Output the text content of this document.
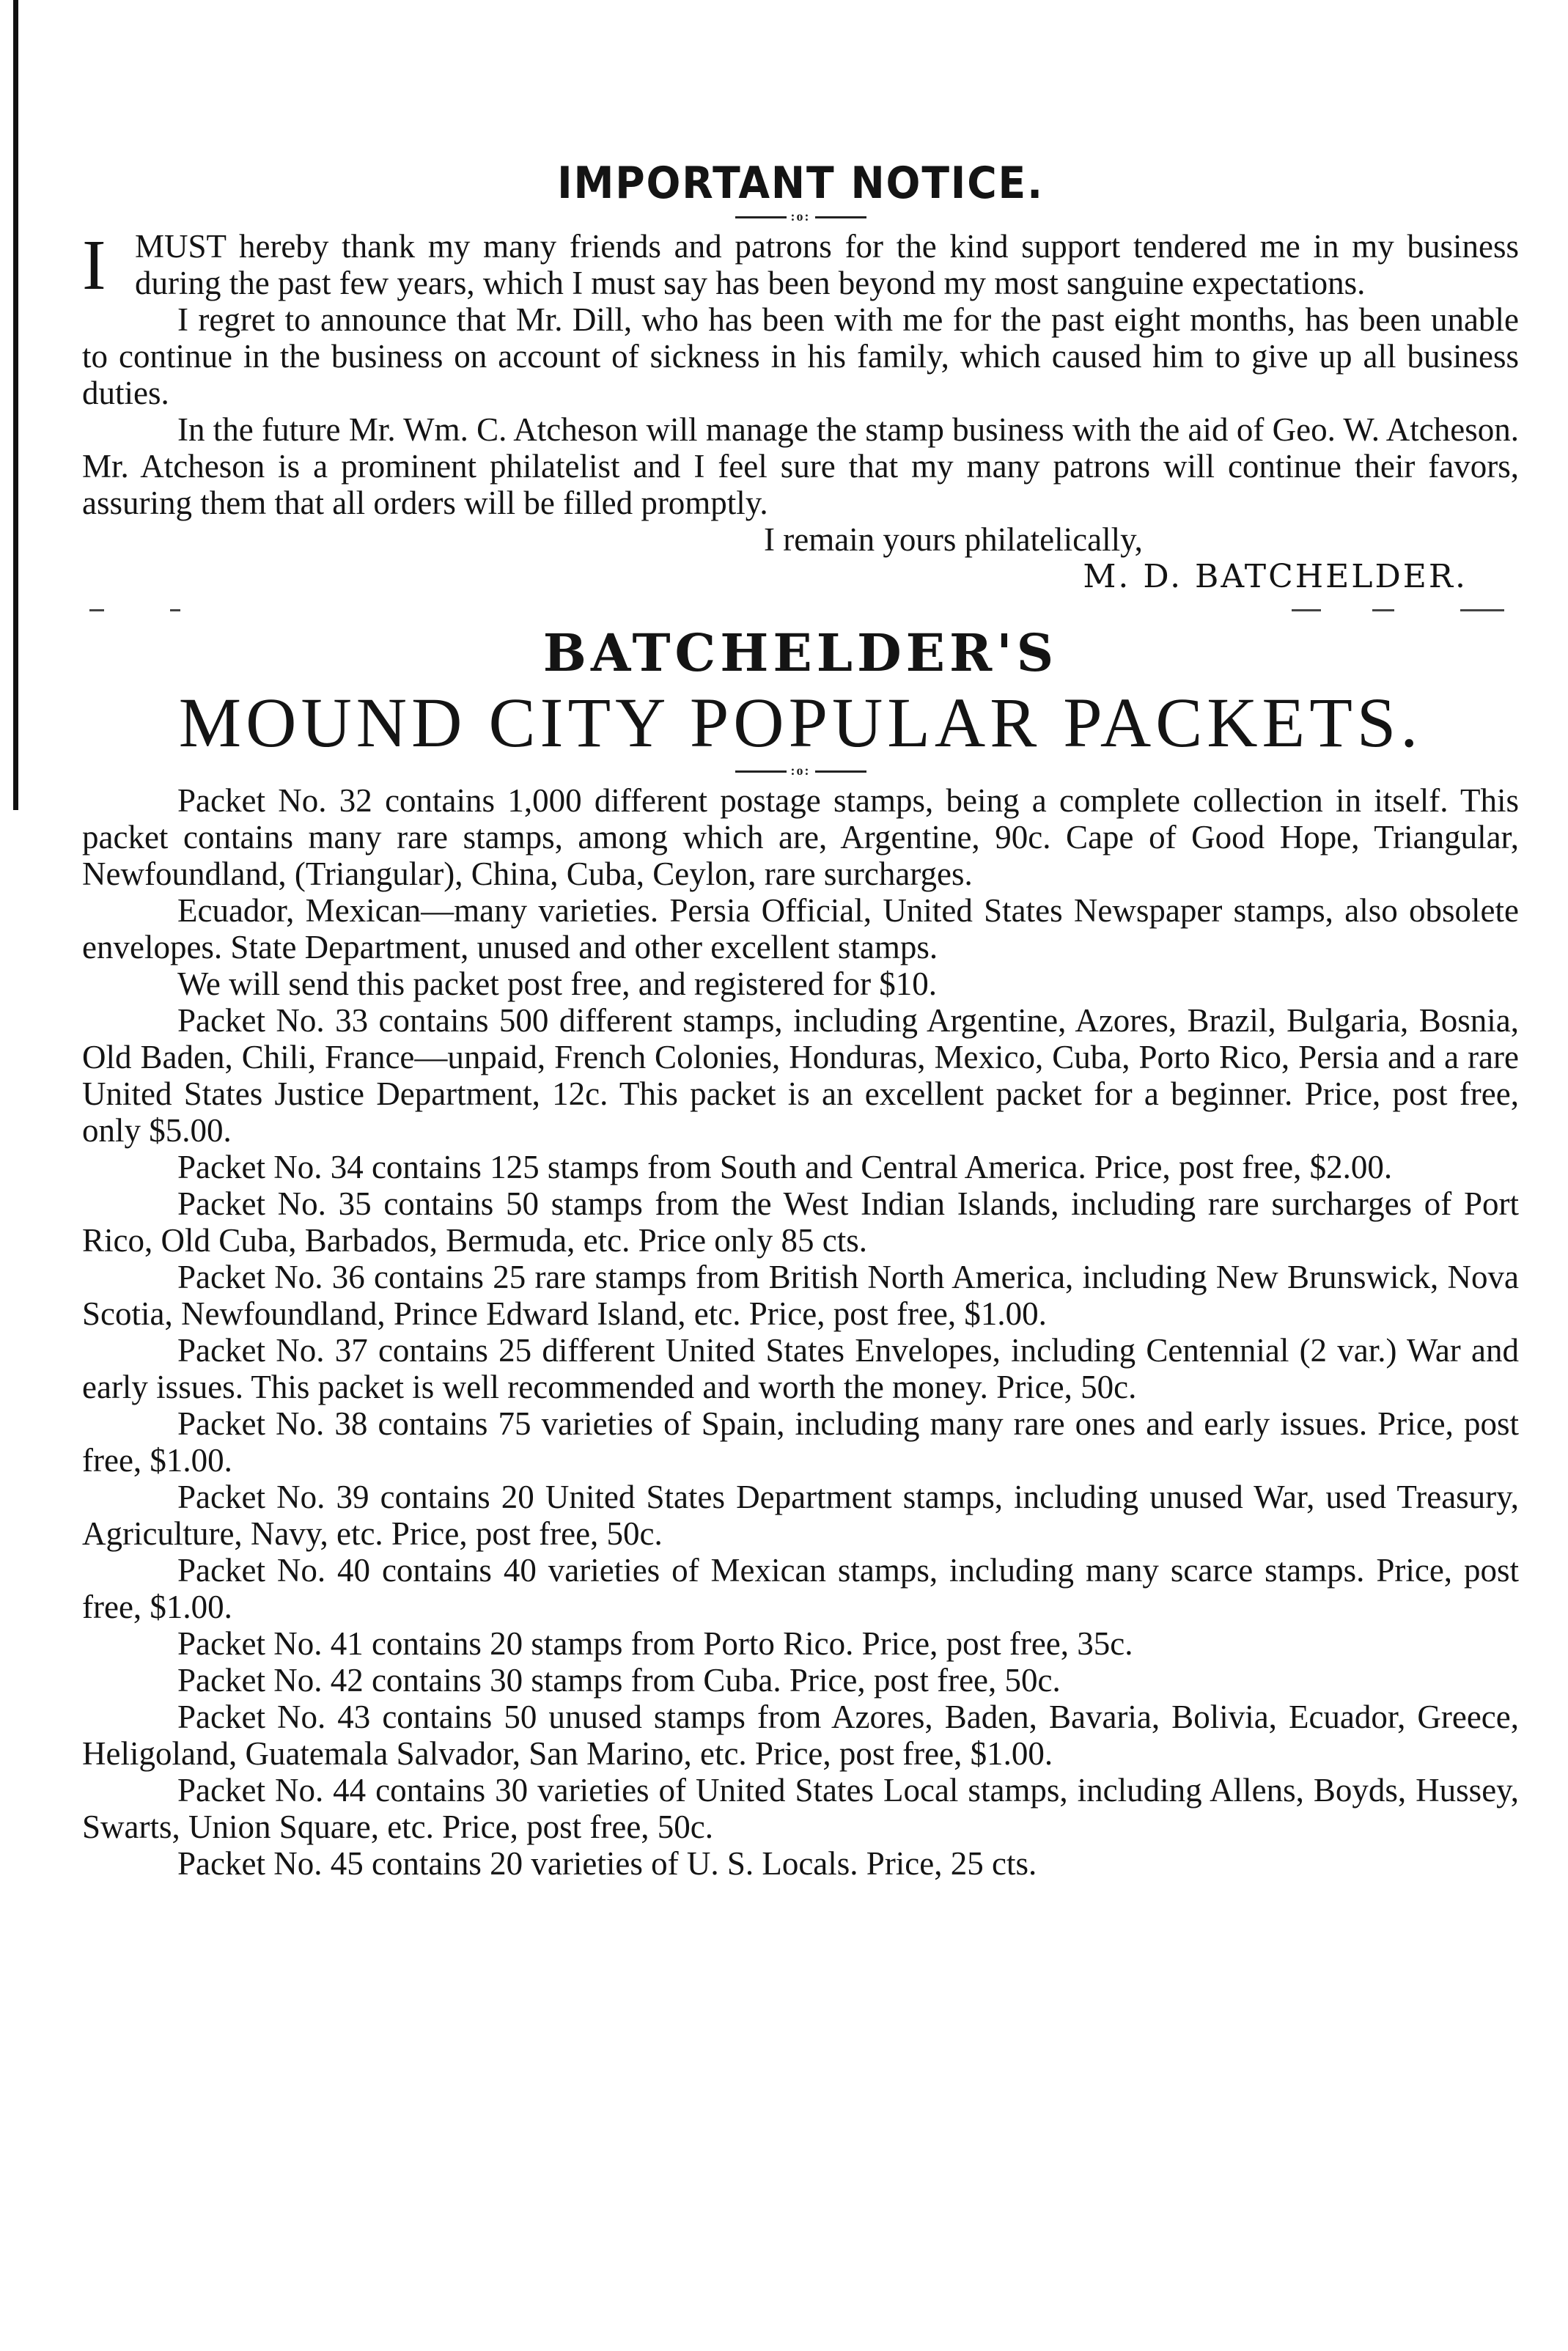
IMPORTANT NOTICE.
:o:

I MUST hereby thank my many friends and patrons for the kind support tendered me in my business during the past few years, which I must say has been beyond my most sanguine expectations.

I regret to announce that Mr. Dill, who has been with me for the past eight months, has been unable to continue in the business on account of sickness in his family, which caused him to give up all business duties.

In the future Mr. Wm. C. Atcheson will manage the stamp business with the aid of Geo. W. Atcheson. Mr. Atcheson is a prominent philatelist and I feel sure that my many patrons will continue their favors, assuring them that all orders will be filled promptly.

I remain yours philatelically,

M. D. BATCHELDER.

BATCHELDER'S
MOUND CITY POPULAR PACKETS.
:o:

Packet No. 32 contains 1,000 different postage stamps, being a complete collection in itself. This packet contains many rare stamps, among which are, Argentine, 90c. Cape of Good Hope, Triangular, Newfoundland, (Triangular), China, Cuba, Ceylon, rare surcharges.

Ecuador, Mexican—many varieties. Persia Official, United States Newspaper stamps, also obsolete envelopes. State Department, unused and other excellent stamps.

We will send this packet post free, and registered for $10.

Packet No. 33 contains 500 different stamps, including Argentine, Azores, Brazil, Bulgaria, Bosnia, Old Baden, Chili, France—unpaid, French Colonies, Honduras, Mexico, Cuba, Porto Rico, Persia and a rare United States Justice Department, 12c. This packet is an excellent packet for a beginner. Price, post free, only $5.00.

Packet No. 34 contains 125 stamps from South and Central America. Price, post free, $2.00.

Packet No. 35 contains 50 stamps from the West Indian Islands, including rare surcharges of Port Rico, Old Cuba, Barbados, Bermuda, etc. Price only 85 cts.

Packet No. 36 contains 25 rare stamps from British North America, including New Brunswick, Nova Scotia, Newfoundland, Prince Edward Island, etc. Price, post free, $1.00.

Packet No. 37 contains 25 different United States Envelopes, including Centennial (2 var.) War and early issues. This packet is well recommended and worth the money. Price, 50c.

Packet No. 38 contains 75 varieties of Spain, including many rare ones and early issues. Price, post free, $1.00.

Packet No. 39 contains 20 United States Department stamps, including unused War, used Treasury, Agriculture, Navy, etc. Price, post free, 50c.

Packet No. 40 contains 40 varieties of Mexican stamps, including many scarce stamps. Price, post free, $1.00.

Packet No. 41 contains 20 stamps from Porto Rico. Price, post free, 35c.

Packet No. 42 contains 30 stamps from Cuba. Price, post free, 50c.

Packet No. 43 contains 50 unused stamps from Azores, Baden, Bavaria, Bolivia, Ecuador, Greece, Heligoland, Guatemala Salvador, San Marino, etc. Price, post free, $1.00.

Packet No. 44 contains 30 varieties of United States Local stamps, including Allens, Boyds, Hussey, Swarts, Union Square, etc. Price, post free, 50c.

Packet No. 45 contains 20 varieties of U. S. Locals. Price, 25 cts.
